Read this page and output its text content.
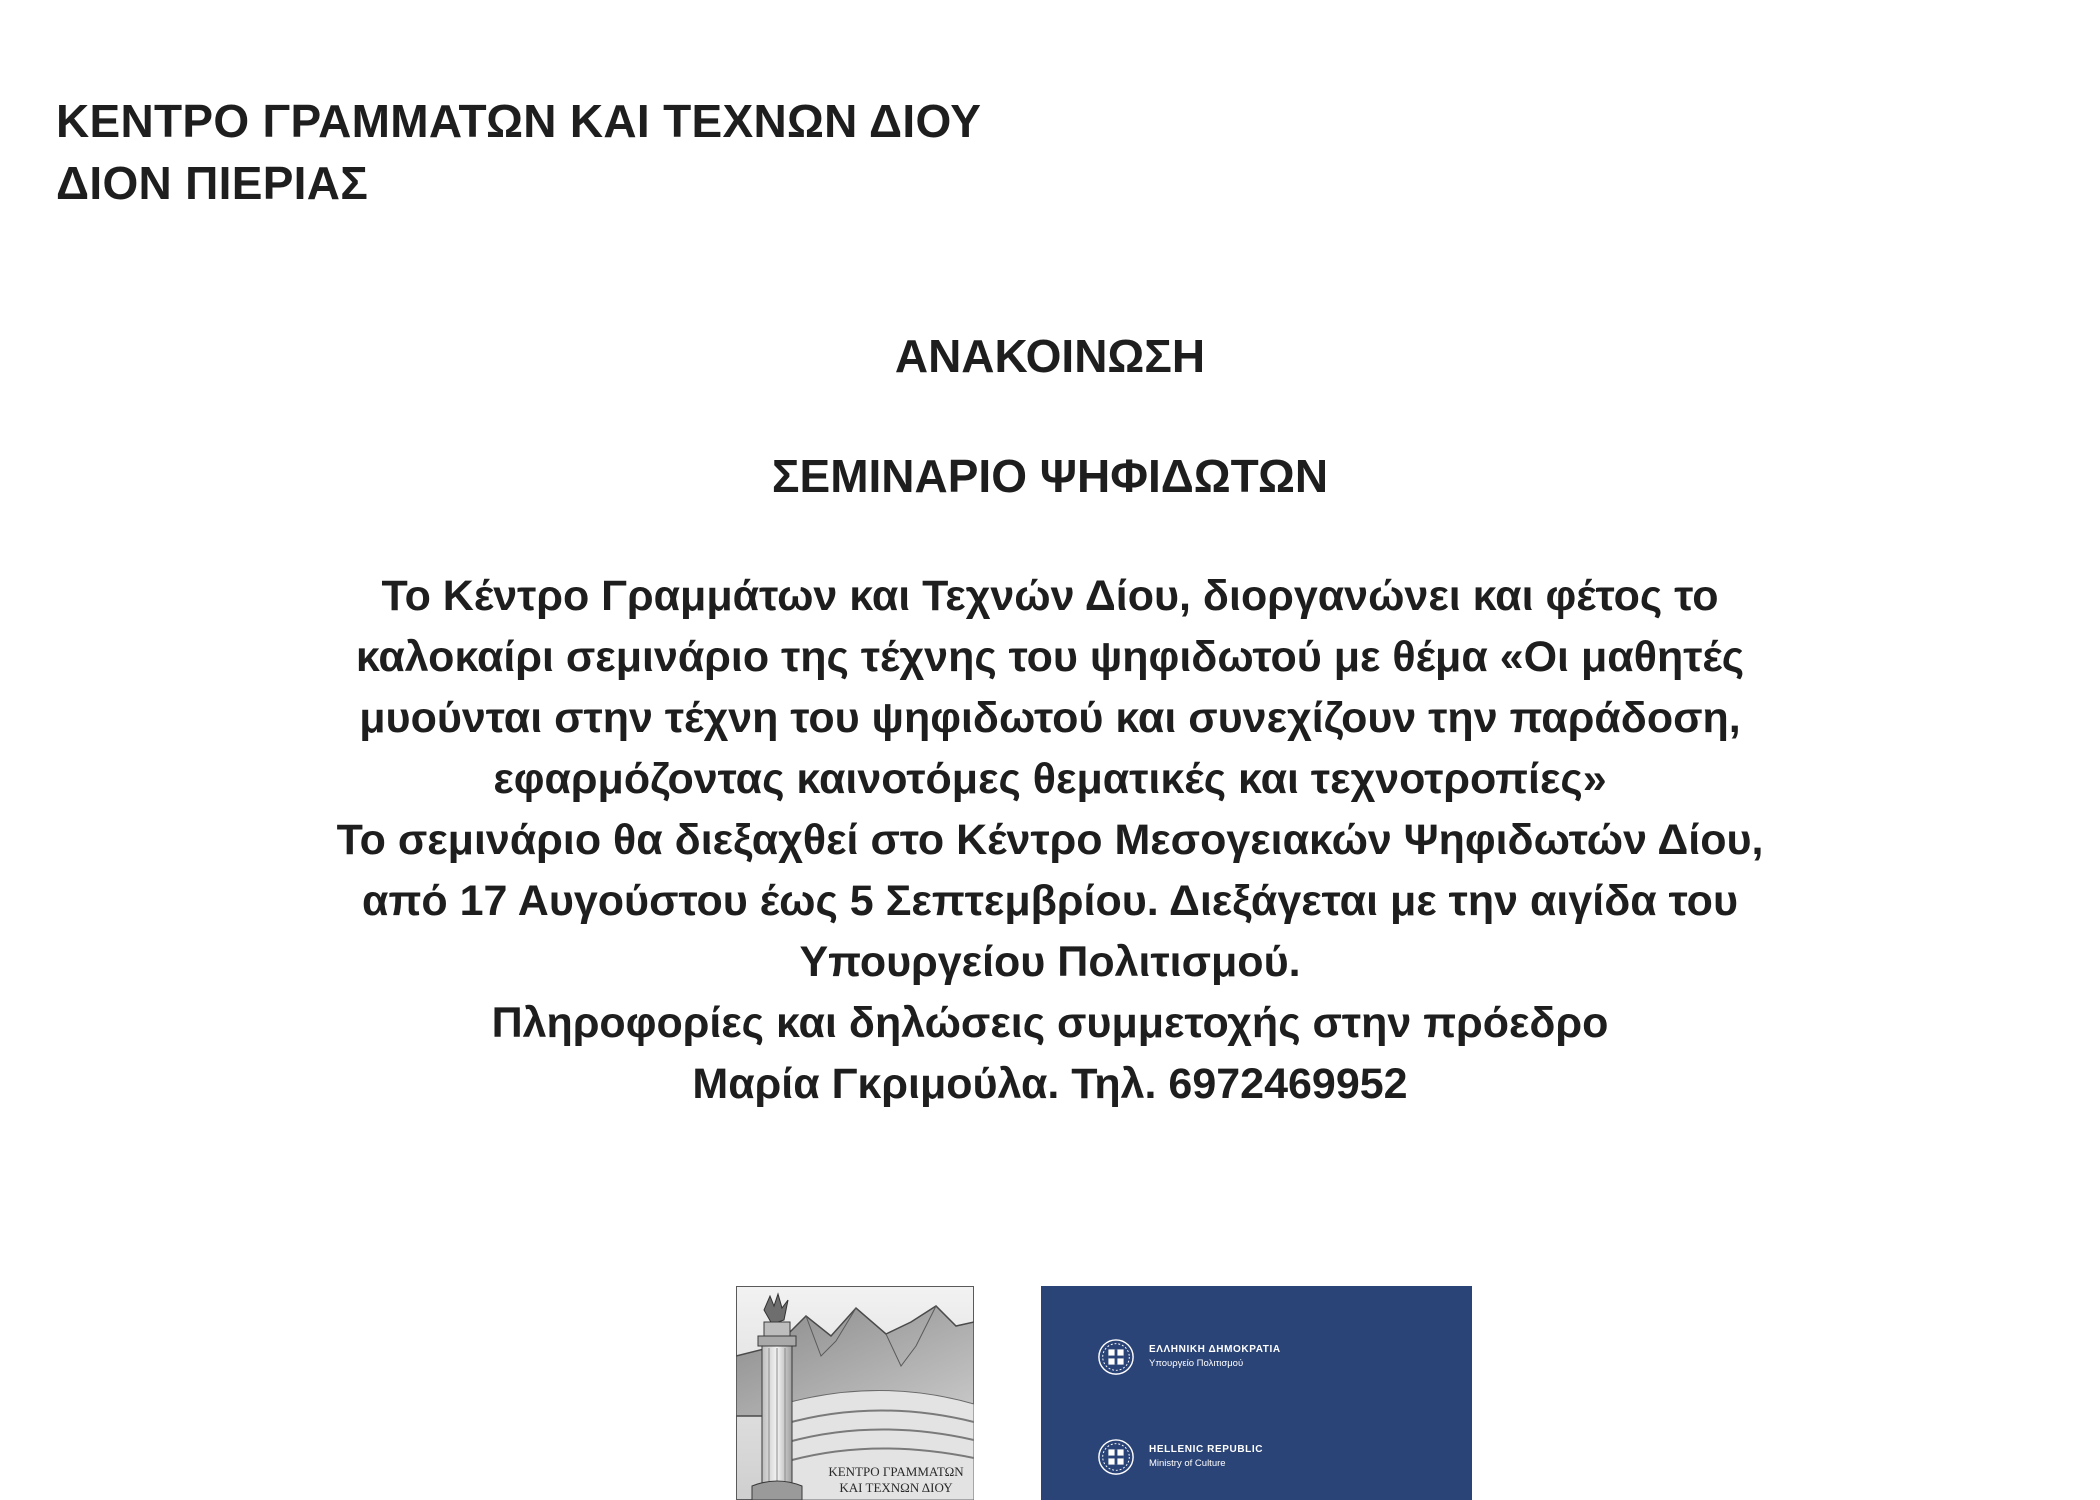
ΚΕΝΤΡΟ ΓΡΑΜΜΑΤΩΝ ΚΑΙ ΤΕΧΝΩΝ ΔΙΟΥ
ΔΙΟΝ ΠΙΕΡΙΑΣ
ΑΝΑΚΟΙΝΩΣΗ
ΣΕΜΙΝΑΡΙΟ ΨΗΦΙΔΩΤΩΝ
Το Κέντρο Γραμμάτων και Τεχνών Δίου, διοργανώνει και φέτος το
καλοκαίρι σεμινάριο της τέχνης του ψηφιδωτού με θέμα «Οι μαθητές
μυούνται στην τέχνη του ψηφιδωτού και συνεχίζουν την παράδοση,
εφαρμόζοντας καινοτόμες θεματικές και τεχνοτροπίες»
Το σεμινάριο θα διεξαχθεί στο Κέντρο Μεσογειακών Ψηφιδωτών Δίου,
από 17 Αυγούστου έως 5 Σεπτεμβρίου. Διεξάγεται με την αιγίδα του
Υπουργείου Πολιτισμού.
Πληροφορίες και δηλώσεις συμμετοχής στην πρόεδρο
Μαρία Γκριμούλα. Τηλ. 6972469952
ΚΕΝΤΡΟ ΓΡΑΜΜΑΤΩΝ
ΚΑΙ ΤΕΧΝΩΝ ΔΙΟΥ
ΕΛΛΗΝΙΚΗ ΔΗΜΟΚΡΑΤΙΑ
Υπουργείο Πολιτισμού
HELLENIC REPUBLIC
Ministry of Culture
